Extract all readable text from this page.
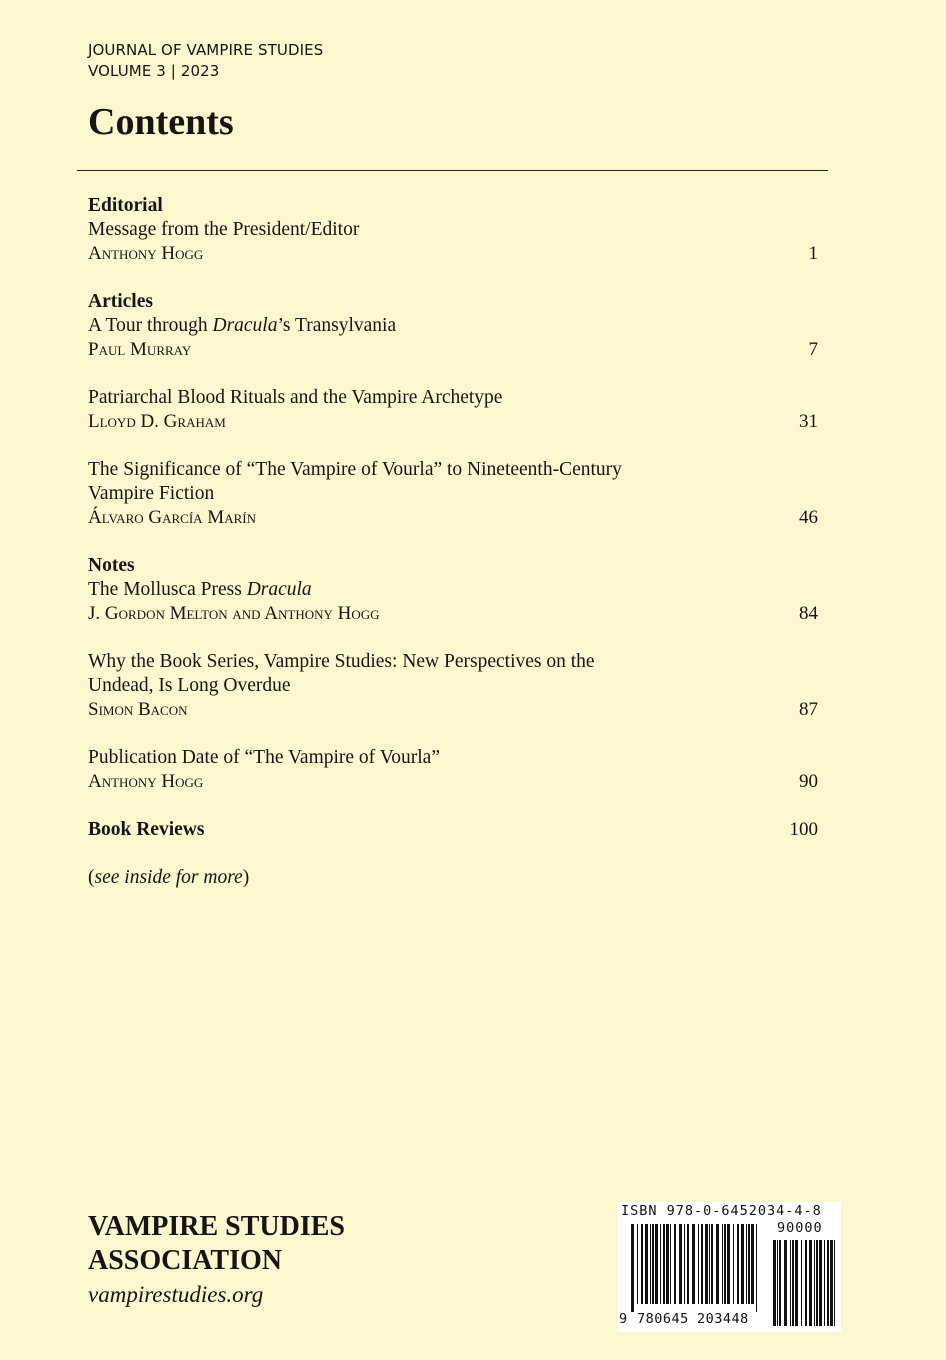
JOURNAL OF VAMPIRE STUDIES
VOLUME 3 | 2023
Contents
Editorial
Message from the President/Editor
Anthony Hogg	1
Articles
A Tour through Dracula’s Transylvania
Paul Murray	7
Patriarchal Blood Rituals and the Vampire Archetype
Lloyd D. Graham	31
The Significance of “The Vampire of Vourla” to Nineteenth-Century
Vampire Fiction
Álvaro García Marín	46
Notes
The Mollusca Press Dracula
J. Gordon Melton and Anthony Hogg	84
Why the Book Series, Vampire Studies: New Perspectives on the
Undead, Is Long Overdue
Simon Bacon	87
Publication Date of “The Vampire of Vourla”
Anthony Hogg	90
Book Reviews	100
(see inside for more)
VAMPIRE STUDIES ASSOCIATION
vampirestudies.org
ISBN 978-0-6452034-4-8
90000
9 780645 203448
